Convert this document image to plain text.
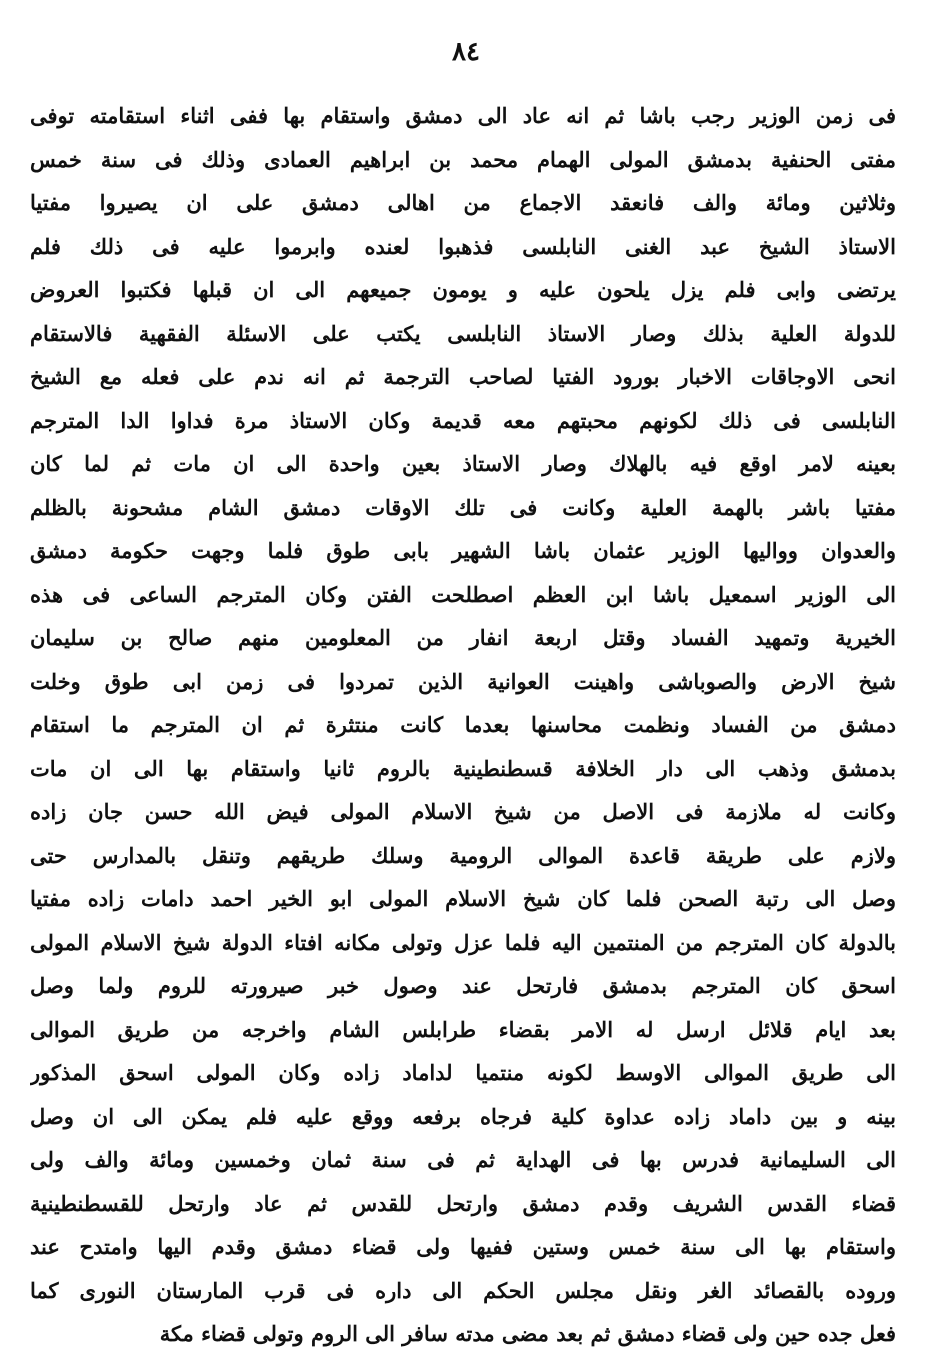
٨٤
فى زمن الوزير رجب باشا ثم انه عاد الى دمشق واستقام بها ففى اثناء استقامته توفى
مفتى الحنفية بدمشق المولى الهمام محمد بن ابراهيم العمادى وذلك فى سنة خمس
وثلاثين ومائة والف فانعقد الاجماع من اهالى دمشق على ان يصيروا مفتيا
الاستاذ الشيخ عبد الغنى النابلسى فذهبوا لعنده وابرموا عليه فى ذلك فلم
يرتضى وابى فلم يزل يلحون عليه و يومون جميعهم الى ان قبلها فكتبوا العروض
للدولة العلية بذلك وصار الاستاذ النابلسى يكتب على الاسئلة الفقهية فالاستقام
انحى الاوجاقات الاخبار بورود الفتيا لصاحب الترجمة ثم انه ندم على فعله مع الشيخ
النابلسى فى ذلك لكونهم محبتهم معه قديمة وكان الاستاذ مرة فداوا الدا المترجم
بعينه لامر اوقع فيه بالهلاك وصار الاستاذ بعين واحدة الى ان مات ثم لما كان
مفتيا باشر بالهمة العلية وكانت فى تلك الاوقات دمشق الشام مشحونة بالظلم
والعدوان وواليها الوزير عثمان باشا الشهير بابى طوق فلما وجهت حكومة دمشق
الى الوزير اسمعيل باشا ابن العظم اصطلحت الفتن وكان المترجم الساعى فى هذه
الخيرية وتمهيد الفساد وقتل اربعة انفار من المعلومين منهم صالح بن سليمان
شيخ الارض والصوباشى واهينت العوانية الذين تمردوا فى زمن ابى طوق وخلت
دمشق من الفساد ونظمت محاسنها بعدما كانت منتثرة ثم ان المترجم ما استقام
بدمشق وذهب الى دار الخلافة قسطنطينية بالروم ثانيا واستقام بها الى ان مات
وكانت له ملازمة فى الاصل من شيخ الاسلام المولى فيض الله حسن جان زاده
ولازم على طريقة قاعدة الموالى الرومية وسلك طريقهم وتنقل بالمدارس حتى
وصل الى رتبة الصحن فلما كان شيخ الاسلام المولى ابو الخير احمد دامات زاده مفتيا
بالدولة كان المترجم من المنتمين اليه فلما عزل وتولى مكانه افتاء الدولة شيخ الاسلام المولى
اسحق كان المترجم بدمشق فارتحل عند وصول خبر صيرورته للروم ولما وصل
بعد ايام قلائل ارسل له الامر بقضاء طرابلس الشام واخرجه من طريق الموالى
الى طريق الموالى الاوسط لكونه منتميا لداماد زاده وكان المولى اسحق المذكور
بينه و بين داماد زاده عداوة كلية فرجاه برفعه ووقع عليه فلم يمكن الى ان وصل
الى السليمانية فدرس بها فى الهداية ثم فى سنة ثمان وخمسين ومائة والف ولى
قضاء القدس الشريف وقدم دمشق وارتحل للقدس ثم عاد وارتحل للقسطنطينية
واستقام بها الى سنة خمس وستين ففيها ولى قضاء دمشق وقدم اليها وامتدح عند
وروده بالقصائد الغر ونقل مجلس الحكم الى داره فى قرب المارستان النورى كما
فعل جده حين ولى قضاء دمشق ثم بعد مضى مدته سافر الى الروم وتولى قضاء مكة
